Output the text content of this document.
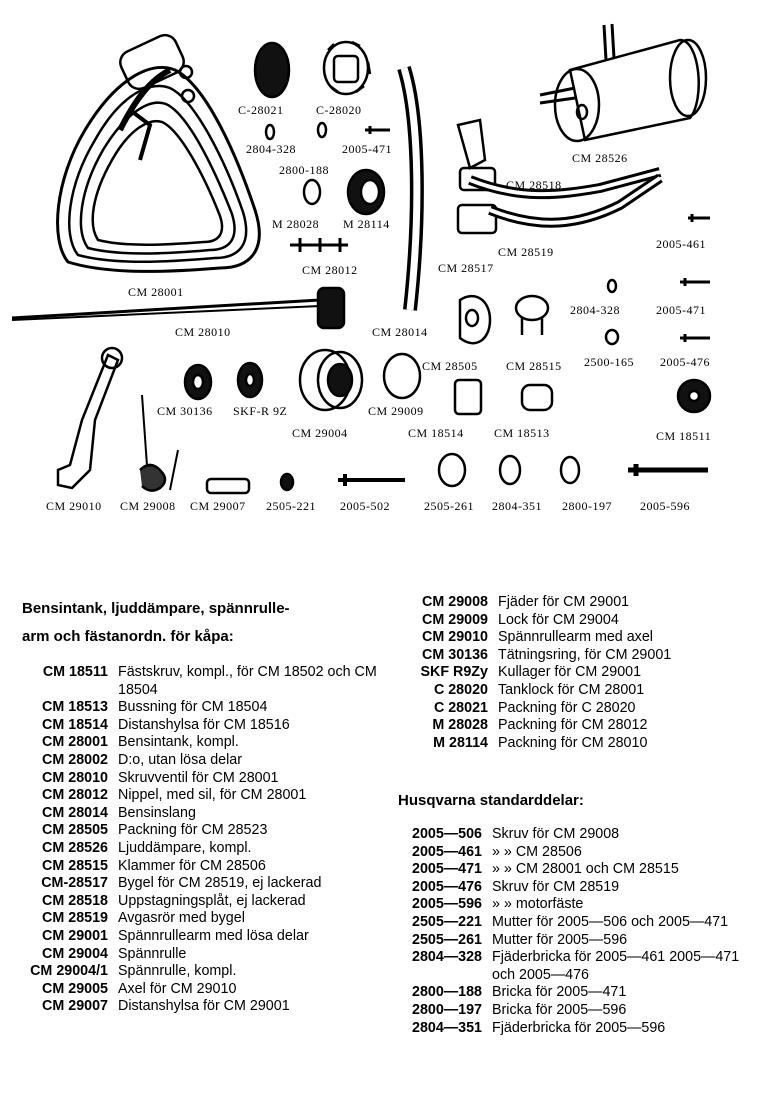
C-28021	C-28020
2804-328	2005-471
2800-188
CM 28526
CM 28518
M 28028 M 28114
CM 28012	CM 28517
CM 28519
2005-461
CM 28001
2804-328	2005-471
CM 28010	CM 28014
CM 28505 CM 28515 2500-165 2005-476
CM 30136 SKF-R 9Z	CM 29009
CM 29004	CM 18514	CM 18513	CM 18511
CM 29010 CM 29008 CM 29007 2505-221 2005-502	2505-261 2804-351 2800-197 2005-596
Bensintank, ljuddämpare, spännrulle-
arm och fästanordn. för kåpa:
CM 18511 Fästskruv, kompl., för CM 18502 och CM 18504
CM 18513 Bussning för CM 18504
CM 18514 Distanshylsa för CM 18516
CM 28001 Bensintank, kompl.
CM 28002 D:o, utan lösa delar
CM 28010 Skruvventil för CM 28001
CM 28012 Nippel, med sil, för CM 28001
CM 28014 Bensinslang
CM 28505 Packning för CM 28523
CM 28526 Ljuddämpare, kompl.
CM 28515 Klammer för CM 28506
CM-28517 Bygel för CM 28519, ej lackerad
CM 28518 Uppstagningsplåt, ej lackerad
CM 28519 Avgasrör med bygel
CM 29001 Spännrullearm med lösa delar
CM 29004 Spännrulle
CM 29004/1 Spännrulle, kompl.
CM 29005 Axel för CM 29010
CM 29007 Distanshylsa för CM 29001
CM 29008 Fjäder för CM 29001
CM 29009 Lock för CM 29004
CM 29010 Spännrullearm med axel
CM 30136 Tätningsring, för CM 29001
SKF R9Zy Kullager för CM 29001
C 28020 Tanklock för CM 28001
C 28021 Packning för C 28020
M 28028 Packning för CM 28012
M 28114 Packning för CM 28010
Husqvarna standarddelar:
2005—506 Skruv för CM 29008
2005—461 » » CM 28506
2005—471 » » CM 28001 och CM 28515
2005—476 Skruv för CM 28519
2005—596 » » motorfäste
2505—221 Mutter för 2005—506 och 2005—471
2505—261 Mutter för 2005—596
2804—328 Fjäderbricka för 2005—461 2005—471 och 2005—476
2800—188 Bricka för 2005—471
2800—197 Bricka för 2005—596
2804—351 Fjäderbricka för 2005—596
